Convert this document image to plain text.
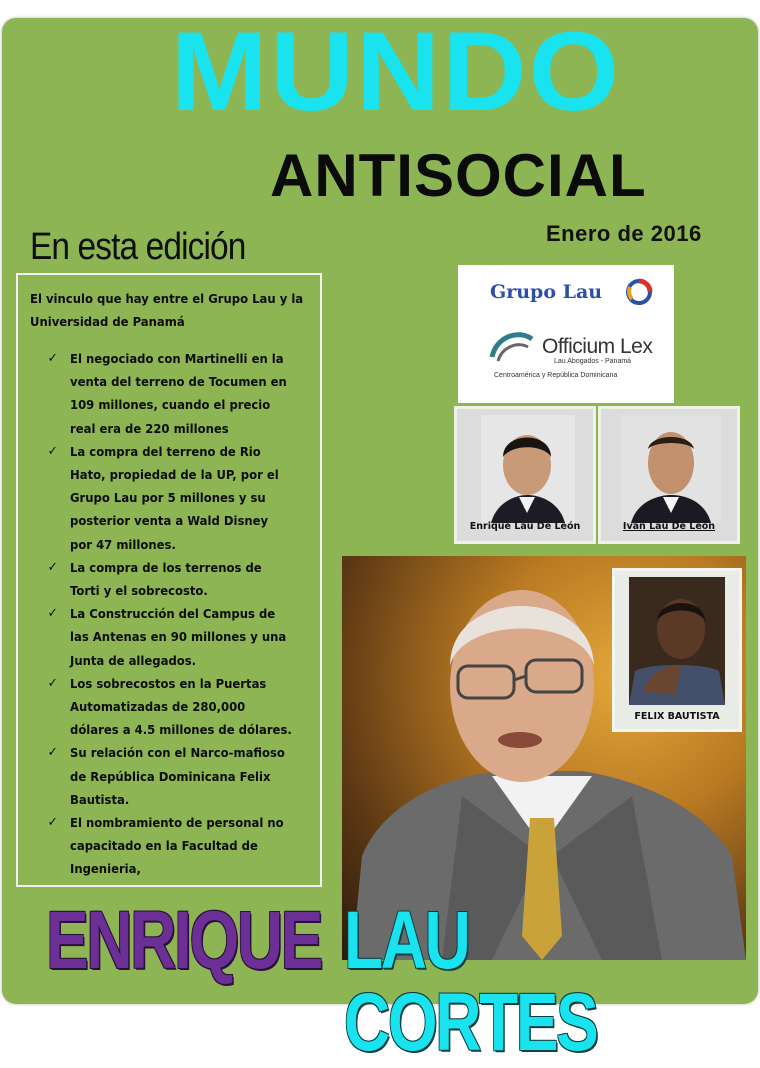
MUNDO
ANTISOCIAL
Enero de 2016
En esta edición

El vinculo que hay entre el Grupo Lau y la Universidad de Panamá

✓ El negociado con Martinelli en la venta del terreno de Tocumen en 109 millones, cuando el precio real era de 220 millones
✓ La compra del terreno de Rio Hato, propiedad de la UP, por el Grupo Lau por 5 millones y su posterior venta a Wald Disney por 47 millones.
✓ La compra de los terrenos de Torti y el sobrecosto.
✓ La Construcción del Campus de las Antenas en 90 millones y una Junta de allegados.
✓ Los sobrecostos en la Puertas Automatizadas de 280,000 dólares a 4.5 millones de dólares.
✓ Su relación con el Narco-mafioso de República Dominicana Felix Bautista.
✓ El nombramiento de personal no capacitado en la Facultad de Ingenieria,
Grupo Lau
Officium Lex
Lau Abogados - Panamá
Centroamérica y República Dominicana
Enrique Lau De León	Ivan Lau De León
FELIX BAUTISTA
ENRIQUE LAU CORTES
